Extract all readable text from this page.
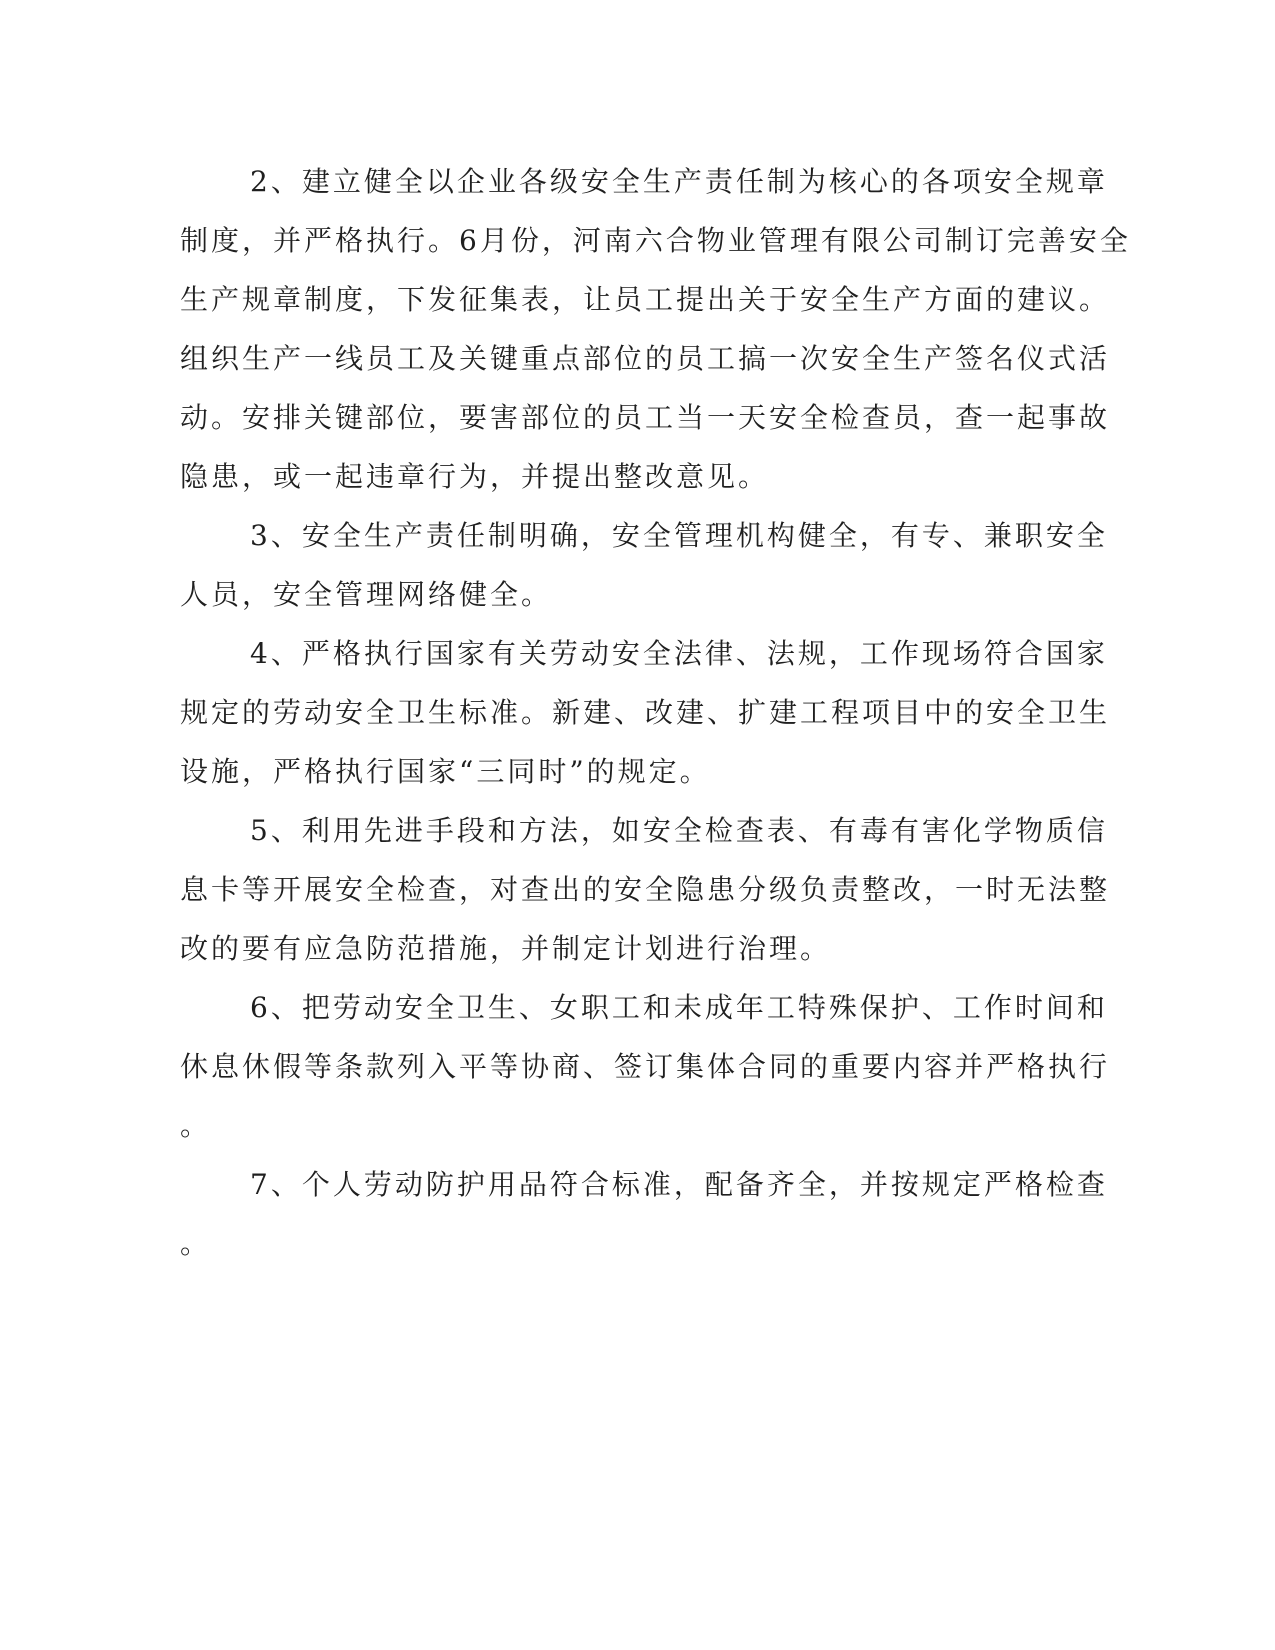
2、建立健全以企业各级安全生产责任制为核心的各项安全规章
制度，并严格执行。6月份，河南六合物业管理有限公司制订完善安全
生产规章制度，下发征集表，让员工提出关于安全生产方面的建议。
组织生产一线员工及关键重点部位的员工搞一次安全生产签名仪式活
动。安排关键部位，要害部位的员工当一天安全检查员，查一起事故
隐患，或一起违章行为，并提出整改意见。
3、安全生产责任制明确，安全管理机构健全，有专、兼职安全
人员，安全管理网络健全。
4、严格执行国家有关劳动安全法律、法规，工作现场符合国家
规定的劳动安全卫生标准。新建、改建、扩建工程项目中的安全卫生
设施，严格执行国家“三同时”的规定。
5、利用先进手段和方法，如安全检查表、有毒有害化学物质信
息卡等开展安全检查，对查出的安全隐患分级负责整改，一时无法整
改的要有应急防范措施，并制定计划进行治理。
6、把劳动安全卫生、女职工和未成年工特殊保护、工作时间和
休息休假等条款列入平等协商、签订集体合同的重要内容并严格执行
。
7、个人劳动防护用品符合标准，配备齐全，并按规定严格检查
。
